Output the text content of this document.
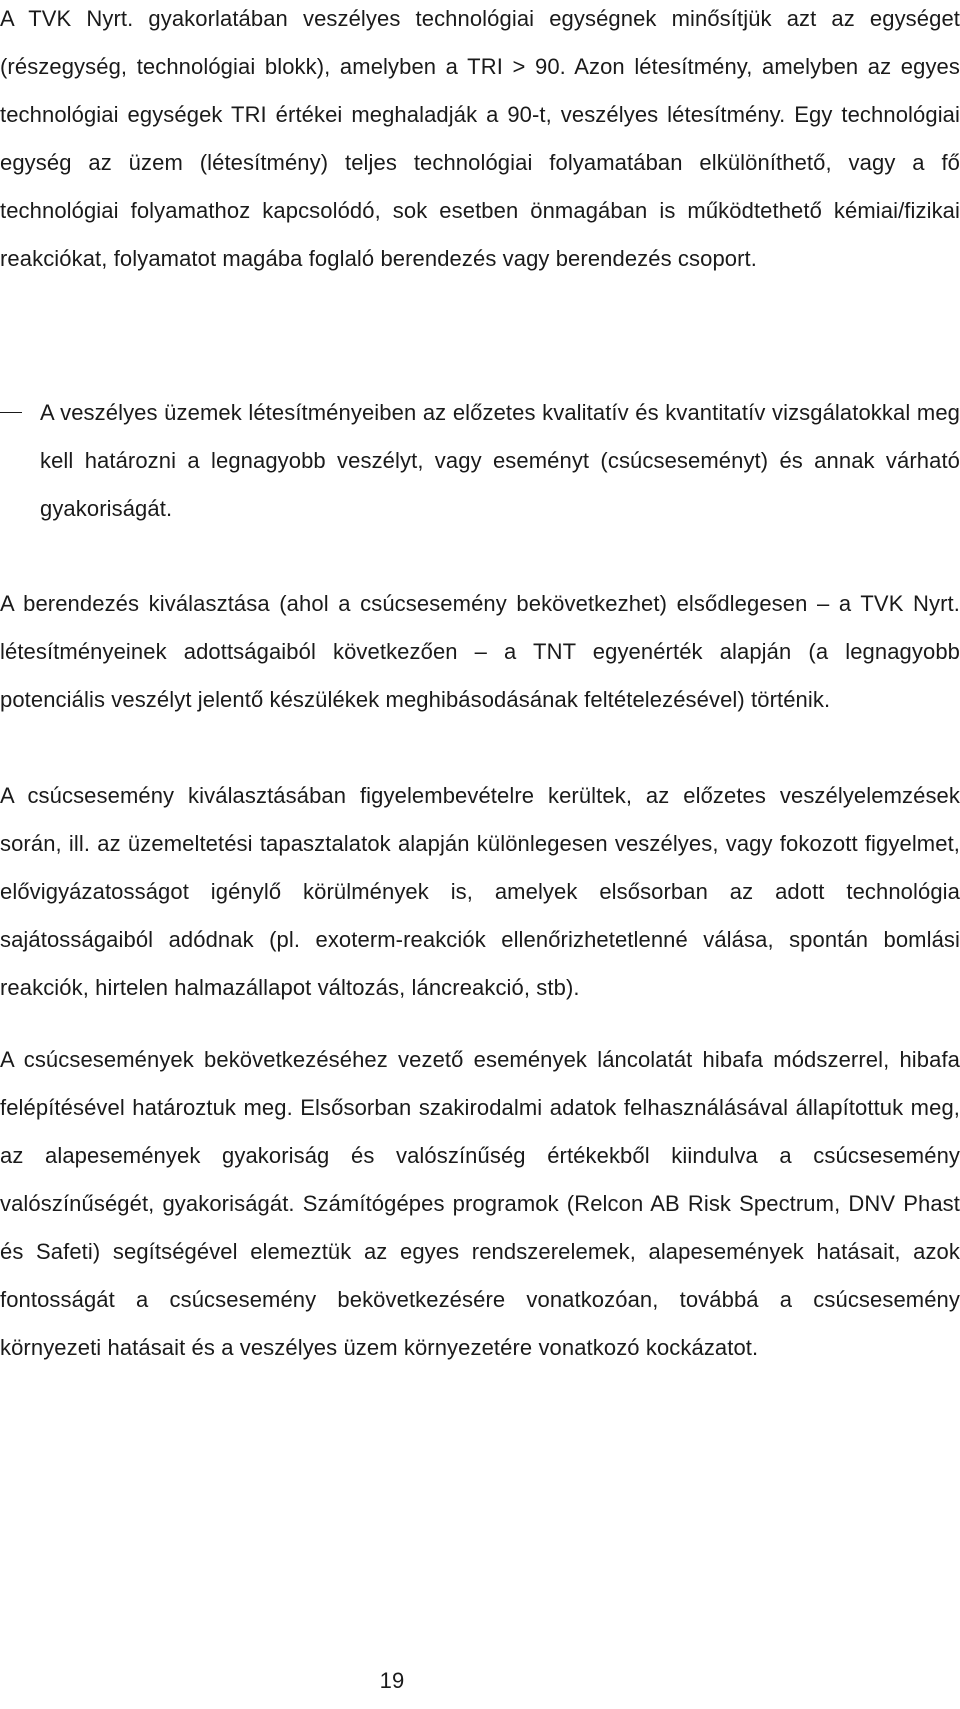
A TVK Nyrt. gyakorlatában veszélyes technológiai egységnek minősítjük azt az egységet (részegység, technológiai blokk), amelyben a TRI > 90. Azon létesítmény, amelyben az egyes technológiai egységek TRI értékei meghaladják a 90-t, veszélyes létesítmény. Egy technológiai egység az üzem (létesítmény) teljes technológiai folyamatában elkülöníthető, vagy a fő technológiai folyamathoz kapcsolódó, sok esetben önmagában is működtethető kémiai/fizikai reakciókat, folyamatot magába foglaló berendezés vagy berendezés csoport.

A veszélyes üzemek létesítményeiben az előzetes kvalitatív és kvantitatív vizsgálatokkal meg kell határozni a legnagyobb veszélyt, vagy eseményt (csúcseseményt) és annak várható gyakoriságát.

A berendezés kiválasztása (ahol a csúcsesemény bekövetkezhet) elsődlegesen – a TVK Nyrt. létesítményeinek adottságaiból következően – a TNT egyenérték alapján (a legnagyobb potenciális veszélyt jelentő készülékek meghibásodásának feltételezésével) történik.

A csúcsesemény kiválasztásában figyelembevételre kerültek, az előzetes veszélyelemzések során, ill. az üzemeltetési tapasztalatok alapján különlegesen veszélyes, vagy fokozott figyelmet, elővigyázatosságot igénylő körülmények is, amelyek elsősorban az adott technológia sajátosságaiból adódnak (pl. exoterm-reakciók ellenőrizhetetlenné válása, spontán bomlási reakciók, hirtelen halmazállapot változás, láncreakció, stb).

A csúcsesemények bekövetkezéséhez vezető események láncolatát hibafa módszerrel, hibafa felépítésével határoztuk meg. Elsősorban szakirodalmi adatok felhasználásával állapítottuk meg, az alapesemények gyakoriság és valószínűség értékekből kiindulva a csúcsesemény valószínűségét, gyakoriságát. Számítógépes programok (Relcon AB Risk Spectrum, DNV Phast és Safeti) segítségével elemeztük az egyes rendszerelemek, alapesemények hatásait, azok fontosságát a csúcsesemény bekövetkezésére vonatkozóan, továbbá a csúcsesemény környezeti hatásait és a veszélyes üzem környezetére vonatkozó kockázatot.

19
